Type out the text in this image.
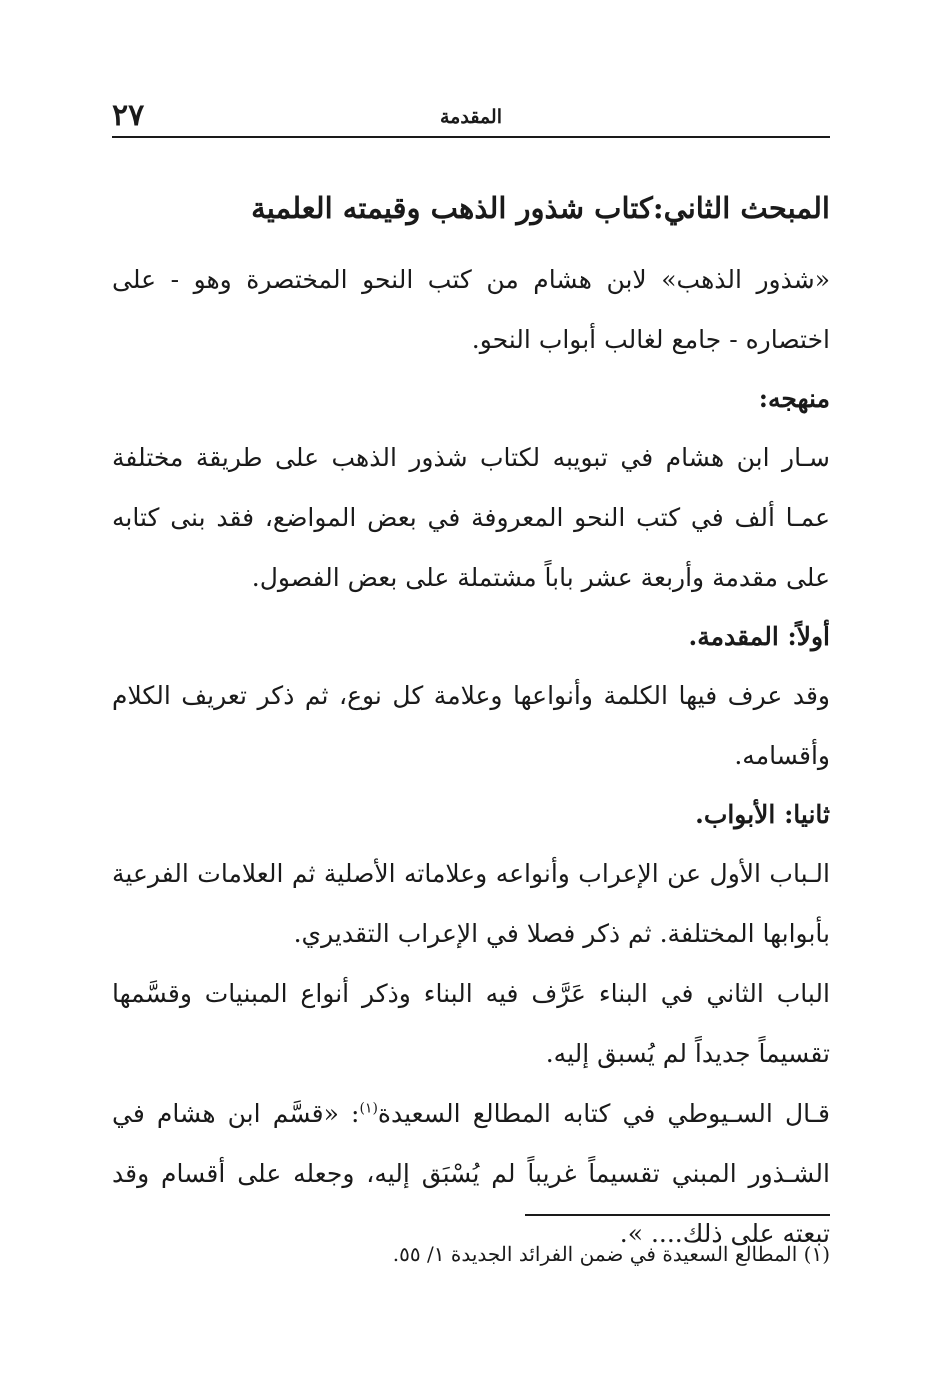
المقدمة
٢٧
المبحث الثاني:كتاب شذور الذهب وقيمته العلمية

«شذور الذهب» لابن هشام من كتب النحو المختصرة وهو - على اختصاره - جامع لغالب أبواب النحو.

منهجه:

سـار ابن هشام في تبويبه لكتاب شذور الذهب على طريقة مختلفة عمـا ألف في كتب النحو المعروفة في بعض المواضع، فقد بنى كتابه على مقدمة وأربعة عشر باباً مشتملة على بعض الفصول.

أولاً: المقدمة.

وقد عرف فيها الكلمة وأنواعها وعلامة كل نوع، ثم ذكر تعريف الكلام وأقسامه.

ثانيا: الأبواب.

الـباب الأول عن الإعراب وأنواعه وعلاماته الأصلية ثم العلامات الفرعية بأبوابها المختلفة. ثم ذكر فصلا في الإعراب التقديري.

الباب الثاني في البناء عَرَّف فيه البناء وذكر أنواع المبنيات وقسَّمها تقسيماً جديداً لم يُسبق إليه.

قـال السـيوطي في كتابه المطالع السعيدة$^{(١)}$: «قسَّم ابن هشام في الشـذور المبني تقسيماً غريباً لم يُسْبَق إليه، وجعله على أقسام وقد تبعته على ذلك.... ».

(١) المطالع السعيدة في ضمن الفرائد الجديدة ١/ ٥٥.
